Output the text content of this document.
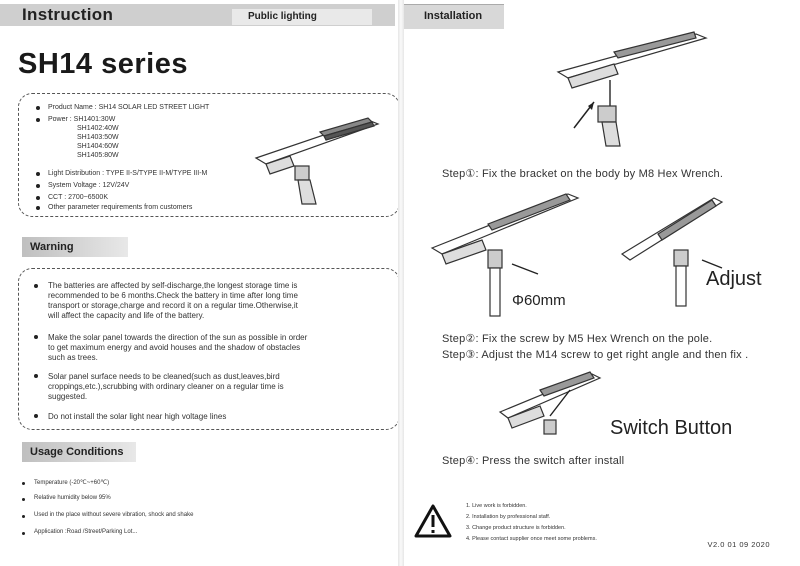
Instruction	Public lighting
SH14 series
Product Name : SH14 SOLAR LED STREET LIGHT
Power : SH1401:30W
SH1402:40W
SH1403:50W
SH1404:60W
SH1405:80W
Light Distribution : TYPE II-S/TYPE II-M/TYPE III-M
System Voltage : 12V/24V
CCT : 2700~6500K
Other parameter requirements from customers
Warning
The batteries are affected by self-discharge,the longest storage time is
recommended to be 6 months.Check the battery in time after long time
transport or storage,charge and record it on a regular time.Otherwise,it
will affect the capacity and life of the battery.
Make the solar panel towards the direction of the sun as possible in order
to get maximum energy and avoid houses and the shadow of obstacles
such as trees.
Solar panel surface needs to be cleaned(such as dust,leaves,bird
croppings,etc.),scrubbing with ordinary cleaner on a regular time is
suggested.
Do not install the solar light near high voltage lines
Usage Conditions
Temperature (-20℃~+60℃)
Relative humidity below 95%
Used in the place without severe vibration, shock and shake
Application :Road /Street/Parking Lot...
Installation
Step①: Fix the bracket on the body by M8 Hex Wrench.
Φ60mm
Adjust
Step②: Fix the screw by M5 Hex Wrench on the pole.
Step③: Adjust the M14 screw to get right angle and then fix .
Switch Button
Step④: Press the switch after install
1. Live work is forbidden.
2. Installation by professional staff.
3. Change product structure is forbidden.
4. Please contact supplier once meet some problems.
V2.0 01 09 2020
